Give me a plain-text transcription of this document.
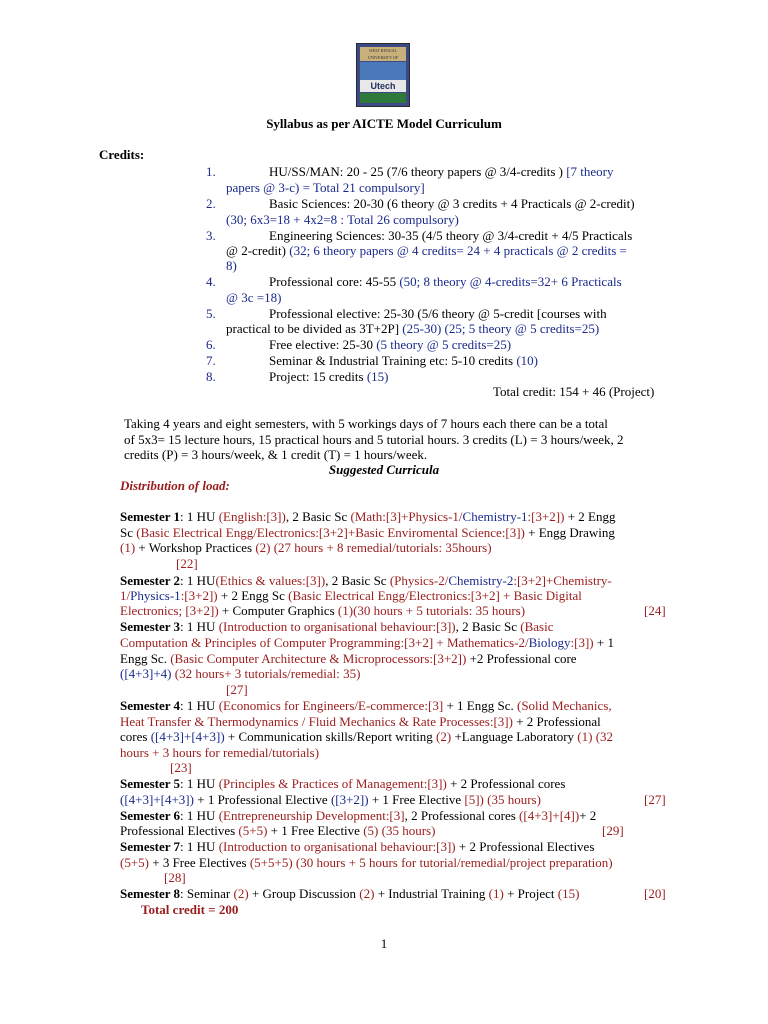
WEST BENGAL UNIVERSITY OF
Utech
Syllabus as per AICTE Model Curriculum
Credits:
1.	HU/SS/MAN: 20 - 25 (7/6 theory papers @ 3/4-credits ) [7 theory
papers @ 3-c) = Total 21 compulsory]
2.	Basic Sciences: 20-30 (6 theory @ 3 credits + 4 Practicals @ 2-credit)
(30; 6x3=18 + 4x2=8 : Total 26 compulsory)
3.	Engineering Sciences: 30-35 (4/5 theory @ 3/4-credit + 4/5 Practicals
@ 2-credit) (32; 6 theory papers @ 4 credits= 24 + 4 practicals @ 2 credits =
8)
4.	Professional core: 45-55 (50; 8 theory @ 4-credits=32+ 6 Practicals
@ 3c =18)
5.	Professional elective: 25-30 (5/6 theory @ 5-credit [courses with
practical to be divided as 3T+2P] (25-30) (25; 5 theory @ 5 credits=25)
6.	Free elective: 25-30 (5 theory @ 5 credits=25)
7.	Seminar & Industrial Training etc: 5-10 credits (10)
8.	Project: 15 credits (15)
Total credit: 154 + 46 (Project)
Taking 4 years and eight semesters, with 5 workings days of 7 hours each there can be a total
of 5x3= 15 lecture hours, 15 practical hours and 5 tutorial hours. 3 credits (L) = 3 hours/week, 2
credits (P) = 3 hours/week, & 1 credit (T) = 1 hours/week.
Suggested Curricula
Distribution of load:
Semester 1: 1 HU (English:[3]), 2 Basic Sc (Math:[3]+Physics-1/Chemistry-1:[3+2]) + 2 Engg
Sc (Basic Electrical Engg/Electronics:[3+2]+Basic Enviromental Science:[3]) + Engg Drawing
(1) + Workshop Practices (2) (27 hours + 8 remedial/tutorials: 35hours)
[22]
Semester 2: 1 HU(Ethics & values:[3]), 2 Basic Sc (Physics-2/Chemistry-2:[3+2]+Chemistry-
1/Physics-1:[3+2]) + 2 Engg Sc (Basic Electrical Engg/Electronics:[3+2] + Basic Digital
Electronics; [3+2]) + Computer Graphics (1)(30 hours + 5 tutorials: 35 hours)	[24]
Semester 3: 1 HU (Introduction to organisational behaviour:[3]), 2 Basic Sc (Basic
Computation & Principles of Computer Programming:[3+2] + Mathematics-2/Biology:[3]) + 1
Engg Sc. (Basic Computer Architecture & Microprocessors:[3+2]) +2 Professional core
([4+3]+4) (32 hours+ 3 tutorials/remedial: 35)
[27]
Semester 4: 1 HU (Economics for Engineers/E-commerce:[3] + 1 Engg Sc. (Solid Mechanics,
Heat Transfer & Thermodynamics / Fluid Mechanics & Rate Processes:[3]) + 2 Professional
cores ([4+3]+[4+3]) + Communication skills/Report writing (2) +Language Laboratory (1) (32
hours + 3 hours for remedial/tutorials)
[23]
Semester 5: 1 HU (Principles & Practices of Management:[3]) + 2 Professional cores
([4+3]+[4+3]) + 1 Professional Elective ([3+2]) + 1 Free Elective [5]) (35 hours)	[27]
Semester 6: 1 HU (Entrepreneurship Development:[3], 2 Professional cores ([4+3]+[4])+ 2
Professional Electives (5+5) + 1 Free Elective (5) (35 hours)	[29]
Semester 7: 1 HU (Introduction to organisational behaviour:[3]) + 2 Professional Electives
(5+5) + 3 Free Electives (5+5+5) (30 hours + 5 hours for tutorial/remedial/project preparation)
[28]
Semester 8: Seminar (2) + Group Discussion (2) + Industrial Training (1) + Project (15)	[20]
Total credit = 200
1
